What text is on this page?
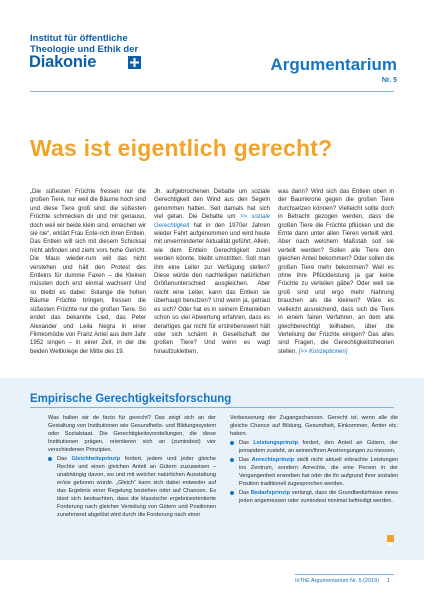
Institut für öffentliche
Theologie und Ethik der
Diakonie	Argumentarium
Nr. 5
Was ist eigentlich gerecht?

„Die süßesten Früchte fressen nur die großen Tiere, nur weil die Bäume hoch sind und diese Tiere groß sind; die süßesten Früchte schmecken dir und mir genauso, doch weil wir beide klein sind, erreichen wir sie nie“, erklärt Frau Ente-rich ihren Entlein. Das Entlein will sich mit diesem Schicksal nicht abfinden und zieht vors hohe Gericht. Die Maus wieder-rum will das nicht verstehen und hält den Protest des Entleins für dumme Faxen – die Kleinen müssten doch erst einmal wachsen! Und so bleibt es dabei: Solange die hohen Bäume Früchte bringen, fressen die süßesten Früchte nur die großen Tiere. So endet das bekannte Lied, das Peter Alexander und Leila Negra in einer Filmkomödie von Franz Antel aus dem Jahr 1952 singen – in einer Zeit, in der die beiden Weltkriege der Mitte des 19.

Jh. aufgebrochenen Debatte um soziale Gerechtigkeit den Wind aus den Segeln genommen hatten. Seit damals hat sich viel getan. Die Debatte um >> soziale Gerechtigkeit hat in den 1970er Jahren wieder Fahrt aufgenommen und wird heute mit unverminderter Aktualität geführt. Allein, wie dem Entlein Gerechtigkeit zuteil werden könnte, bleibt umstritten. Soll man ihm eine Leiter zur Verfügung stellen? Diese würde den nachteiligen natürlichen Größenunterschied ausgleichen. Aber reicht eine Leiter, kann das Entlein sie überhaupt benutzen? Und wenn ja, getraut es sich? Oder hat es in seinem Entenleben schon so viel Abwertung erfahren, dass es derartiges gar nicht für erstrebenswert hält oder sich schämt in Gesellschaft der großen Tiere? Und wenn es wagt hinaufzuklettern,

was dann? Wird sich das Entlein oben in der Baumkrone gegen die großen Tiere durchsetzen können? Vielleicht sollte doch in Betracht gezogen werden, dass die großen Tiere die Früchte pflücken und die Ernte dann unter allen Tieren verteilt wird. Aber nach welchem Maßstab soll sie verteilt werden? Sollen alle Tiere den gleichen Anteil bekommen? Oder sollen die großen Tiere mehr bekommen? Weil es ohne ihre Pflückleistung ja gar keine Früchte zu verteilen gäbe? Oder weil sie groß sind und ergo mehr Nahrung brauchen als die kleinen? Wäre es vielleicht ausreichend, dass sich die Tiere in einem fairen Verfahren, an dem alle gleichberechtigt teilhaben, über die Verteilung der Früchte einigen? Das alles sind Fragen, die Gerechtigkeitstheorien stellen. [>> Konzeptionen]

Empirische Gerechtigkeitsforschung

Was halten wir de facto für gerecht? Das zeigt sich an der Gestaltung von Institutionen wie Gesundheits- und Bildungssystem oder Sozialstaat. Die Gerechtigkeitsvorstellungen, die diese Institutionen prägen, orientieren sich an (zumindest) vier verschiedenen Prinzipien.

Das Gleichheitsprinzip fordert, jedem und jeder gleiche Rechte und einen gleichen Anteil an Gütern zuzuweisen – unabhängig davon, wo und mit welcher natürlichen Ausstattung er/sie geboren wurde. „Gleich“ kann sich dabei entweder auf das Ergebnis einer Regelung beziehen oder auf Chancen. Es lässt sich beobachten, dass die klassische ergebnisorientierte Forderung nach gleicher Verteilung von Gütern und Positionen zunehmend abgelöst wird durch die Forderung nach einer

Verbesserung der Zugangschancen. Gerecht ist, wenn alle die gleiche Chance auf Bildung, Gesundheit, Einkommen, Ämter etc. haben.

Das Leistungsprinzip fordert, den Anteil an Gütern, der jemandem zusteht, an seinen/ihren Anstrengungen zu messen.
Das Anrechtsprinzip stellt nicht aktuell erbrachte Leistungen ins Zentrum, sondern Anrechte, die eine Person in der Vergangenheit erworben hat oder die ihr aufgrund ihrer sozialen Position traditionell zugesprochen werden.
Das Bedarfsprinzip verlangt, dass die Grundbedürfnisse eines jeden angemessen oder zumindest minimal befriedigt werden.
IöThE Argumentarium Nr. 5 (2019) 1
